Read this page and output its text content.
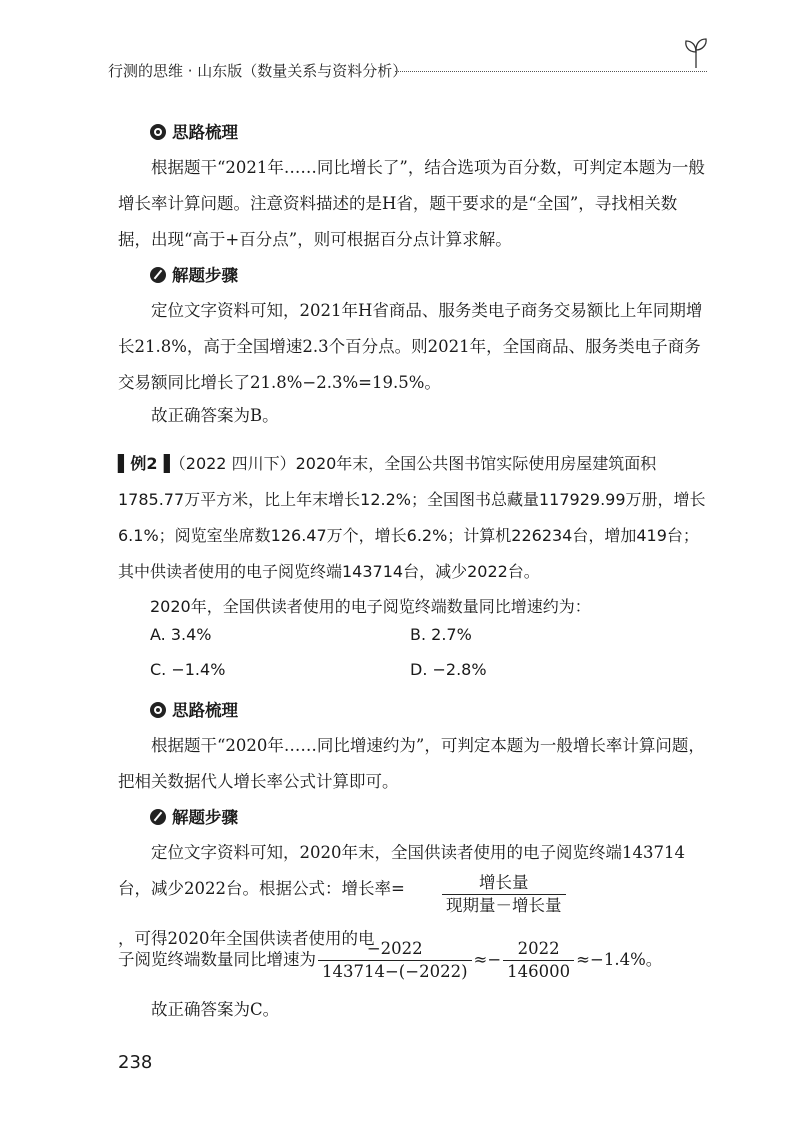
行测的思维 · 山东版（数量关系与资料分析）
思路梳理

根据题干“2021年……同比增长了”，结合选项为百分数，可判定本题为一般增长率计算问题。注意资料描述的是H省，题干要求的是“全国”，寻找相关数据，出现“高于+百分点”，则可根据百分点计算求解。

解题步骤

定位文字资料可知，2021年H省商品、服务类电子商务交易额比上年同期增长21.8%，高于全国增速2.3个百分点。则2021年，全国商品、服务类电子商务交易额同比增长了21.8%−2.3%=19.5%。

故正确答案为B。

▌例2▐（2022 四川下）2020年末，全国公共图书馆实际使用房屋建筑面积1785.77万平方米，比上年末增长12.2%；全国图书总藏量117929.99万册，增长6.1%；阅览室坐席数126.47万个，增长6.2%；计算机226234台，增加419台；其中供读者使用的电子阅览终端143714台，减少2022台。

2020年，全国供读者使用的电子阅览终端数量同比增速约为：

A. 3.4%	B. 2.7%
C. −1.4%	D. −2.8%
思路梳理

根据题干“2020年……同比增速约为”，可判定本题为一般增长率计算问题，把相关数据代人增长率公式计算即可。

解题步骤

定位文字资料可知，2020年末，全国供读者使用的电子阅览终端143714台，减少2022台。根据公式：增长率=	$\frac{\text{增长量}}{\text{现期量－增长量}}$

，可得2020年全国供读者使用的电

子阅览终端数量同比增速为 $\frac{-2022}{143714-(-2022)} \approx- \frac{2022}{146000} \approx-1.4\%$。

故正确答案为C。

238
